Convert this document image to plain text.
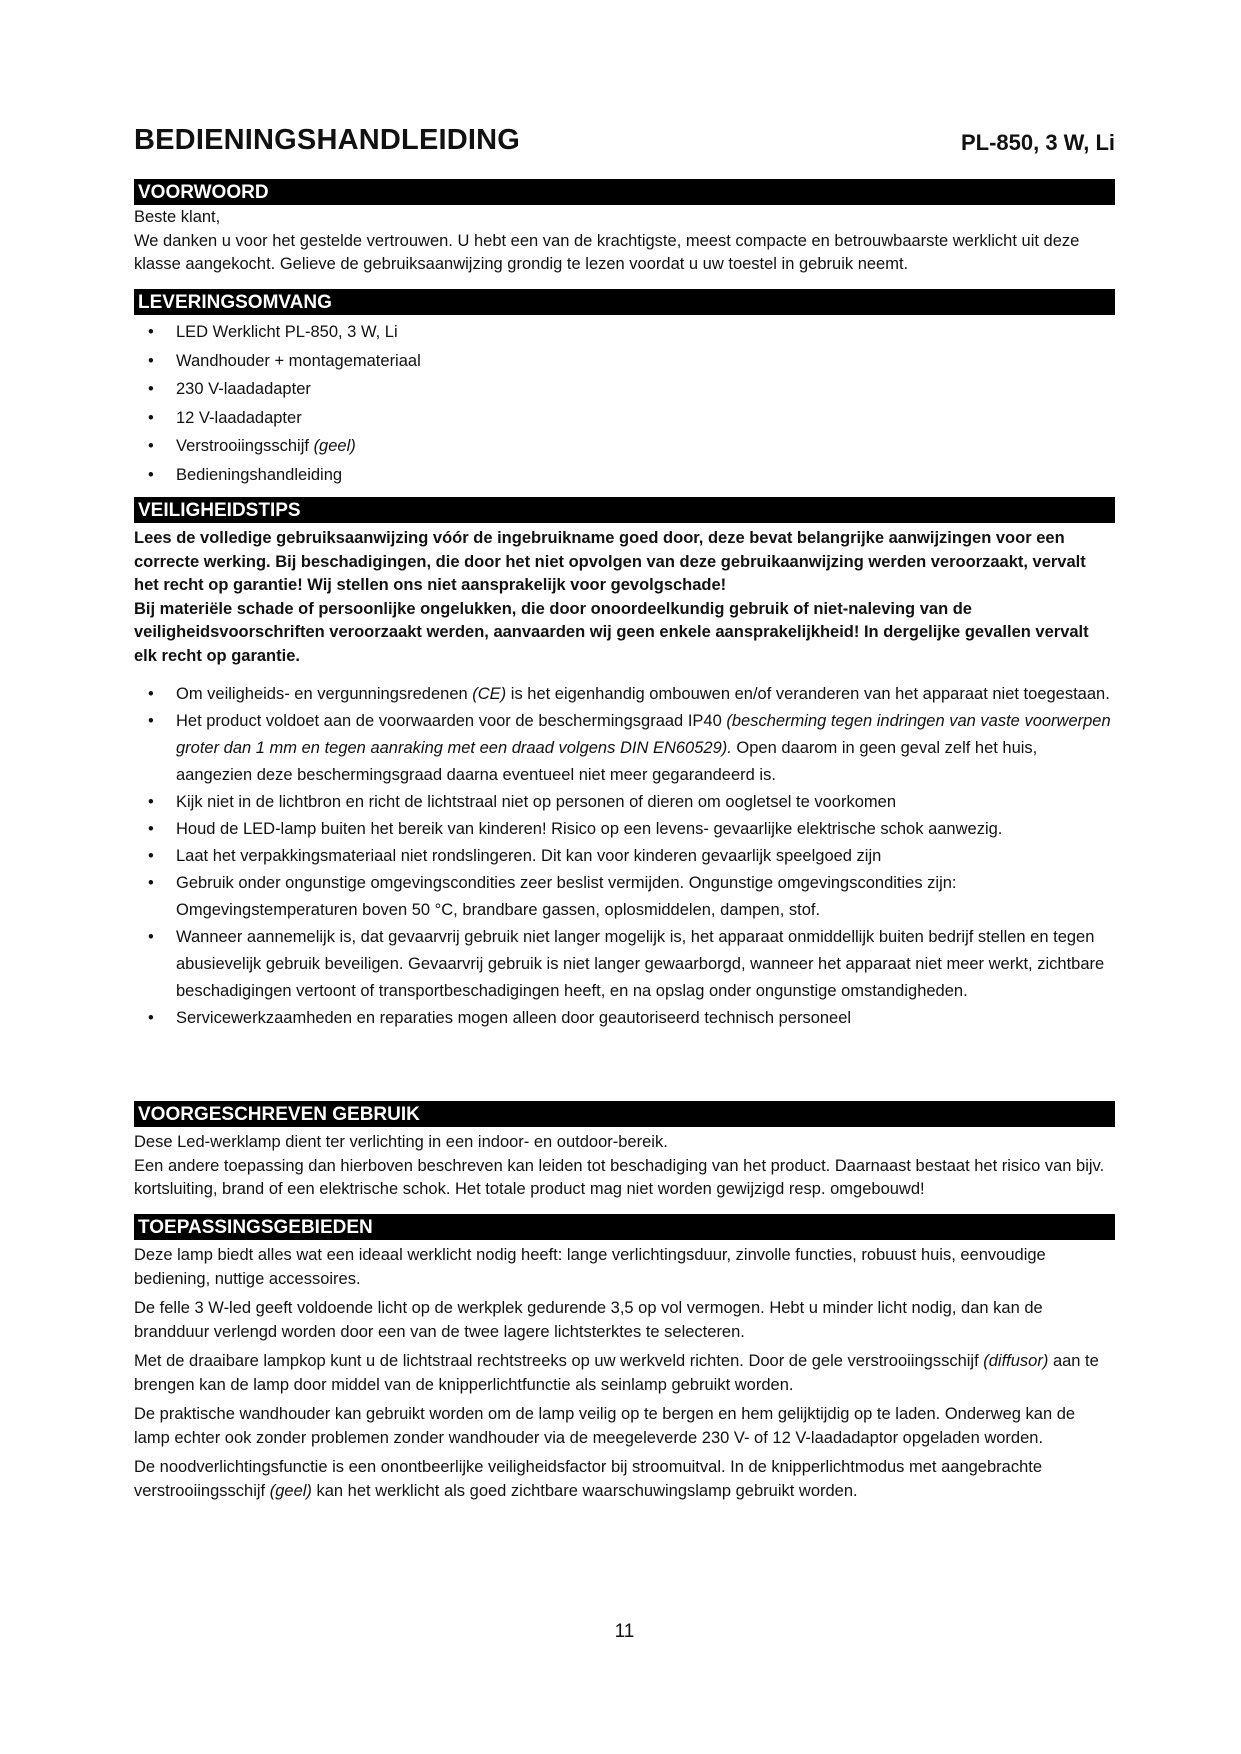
BEDIENINGSHANDLEIDING	PL-850, 3 W, Li
VOORWOORD

Beste klant,

We danken u voor het gestelde vertrouwen. U hebt een van de krachtigste, meest compacte en betrouwbaarste werklicht uit deze klasse aangekocht. Gelieve de gebruiksaanwijzing grondig te lezen voordat u uw toestel in gebruik neemt.

LEVERINGSOMVANG
• LED Werklicht PL-850, 3 W, Li
• Wandhouder + montagemateriaal
• 230 V-laadadapter
• 12 V-laadadapter
• Verstrooiingsschijf (geel)
• Bedieningshandleiding
VEILIGHEIDSTIPS

Lees de volledige gebruiksaanwijzing vóór de ingebruikname goed door, deze bevat belangrijke aanwijzingen voor een correcte werking. Bij beschadigingen, die door het niet opvolgen van deze gebruikaanwijzing werden veroorzaakt, vervalt het recht op garantie! Wij stellen ons niet aansprakelijk voor gevolgschade!

Bij materiële schade of persoonlijke ongelukken, die door onoordeelkundig gebruik of niet-naleving van de veiligheidsvoorschriften veroorzaakt werden, aanvaarden wij geen enkele aansprakelijkheid! In dergelijke gevallen vervalt elk recht op garantie.

• Om veiligheids- en vergunningsredenen (CE) is het eigenhandig ombouwen en/of veranderen van het apparaat niet toegestaan.
• Het product voldoet aan de voorwaarden voor de beschermingsgraad IP40 (bescherming tegen indringen van vaste voorwerpen groter dan 1 mm en tegen aanraking met een draad volgens DIN EN60529). Open daarom in geen geval zelf het huis, aangezien deze beschermingsgraad daarna eventueel niet meer gegarandeerd is.
• Kijk niet in de lichtbron en richt de lichtstraal niet op personen of dieren om oogletsel te voorkomen
• Houd de LED-lamp buiten het bereik van kinderen! Risico op een levens- gevaarlijke elektrische schok aanwezig.
• Laat het verpakkingsmateriaal niet rondslingeren. Dit kan voor kinderen gevaarlijk speelgoed zijn
• Gebruik onder ongunstige omgevingscondities zeer beslist vermijden. Ongunstige omgevingscondities zijn: Omgevingstemperaturen boven 50 °C, brandbare gassen, oplosmiddelen, dampen, stof.
• Wanneer aannemelijk is, dat gevaarvrij gebruik niet langer mogelijk is, het apparaat onmiddellijk buiten bedrijf stellen en tegen abusievelijk gebruik beveiligen. Gevaarvrij gebruik is niet langer gewaarborgd, wanneer het apparaat niet meer werkt, zichtbare beschadigingen vertoont of transportbeschadigingen heeft, en na opslag onder ongunstige omstandigheden.
• Servicewerkzaamheden en reparaties mogen alleen door geautoriseerd technisch personeel
VOORGESCHREVEN GEBRUIK

Dese Led-werklamp dient ter verlichting in een indoor- en outdoor-bereik.

Een andere toepassing dan hierboven beschreven kan leiden tot beschadiging van het product. Daarnaast bestaat het risico van bijv. kortsluiting, brand of een elektrische schok. Het totale product mag niet worden gewijzigd resp. omgebouwd!

TOEPASSINGSGEBIEDEN

Deze lamp biedt alles wat een ideaal werklicht nodig heeft: lange verlichtingsduur, zinvolle functies, robuust huis, eenvoudige bediening, nuttige accessoires.

De felle 3 W-led geeft voldoende licht op de werkplek gedurende 3,5 op vol vermogen. Hebt u minder licht nodig, dan kan de brandduur verlengd worden door een van de twee lagere lichtsterktes te selecteren.

Met de draaibare lampkop kunt u de lichtstraal rechtstreeks op uw werkveld richten. Door de gele verstrooiingsschijf (diffusor) aan te brengen kan de lamp door middel van de knipperlichtfunctie als seinlamp gebruikt worden.

De praktische wandhouder kan gebruikt worden om de lamp veilig op te bergen en hem gelijktijdig op te laden. Onderweg kan de lamp echter ook zonder problemen zonder wandhouder via de meegeleverde 230 V- of 12 V-laadadaptor opgeladen worden.

De noodverlichtingsfunctie is een onontbeerlijke veiligheidsfactor bij stroomuitval. In de knipperlichtmodus met aangebrachte verstrooiingsschijf (geel) kan het werklicht als goed zichtbare waarschuwingslamp gebruikt worden.

11
